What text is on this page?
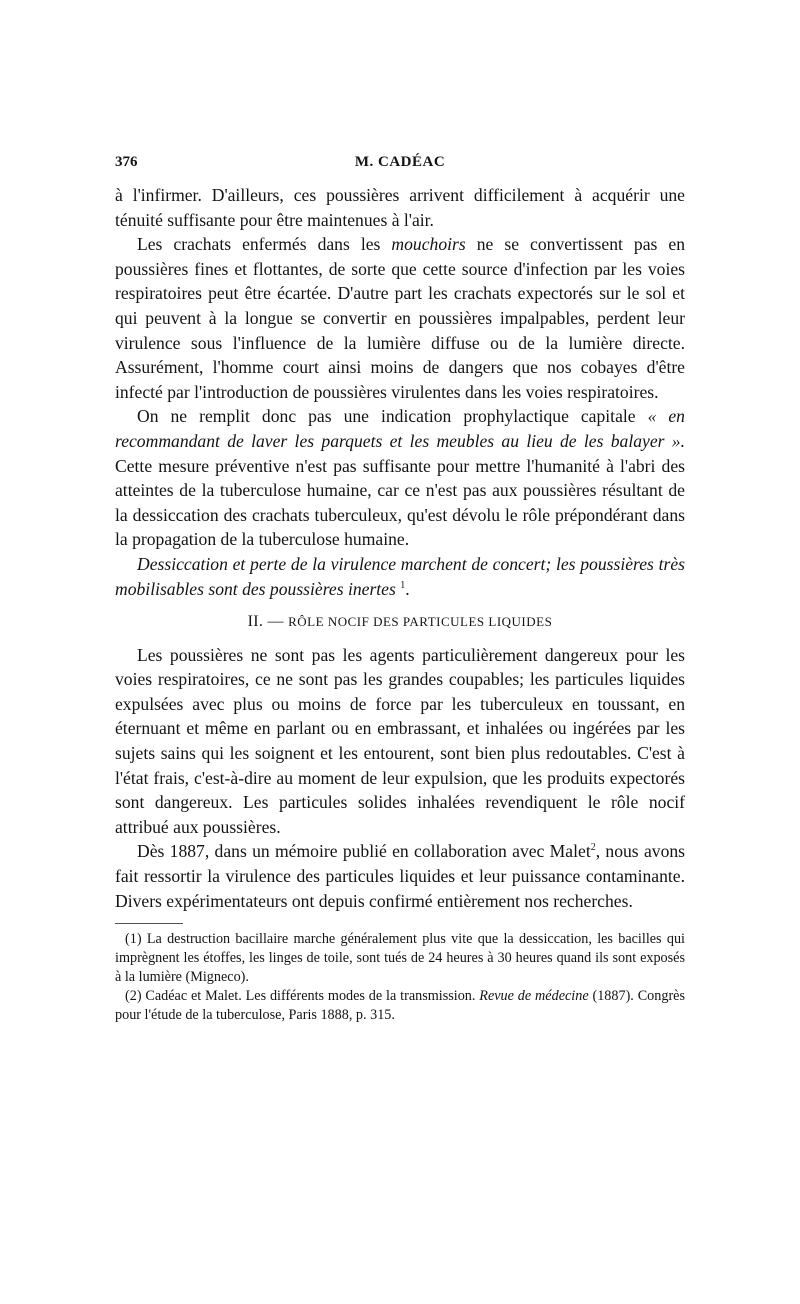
376	M. CADÉAC

à l'infirmer. D'ailleurs, ces poussières arrivent difficilement à acquérir une ténuité suffisante pour être maintenues à l'air.

Les crachats enfermés dans les mouchoirs ne se convertissent pas en poussières fines et flottantes, de sorte que cette source d'infection par les voies respiratoires peut être écartée. D'autre part les crachats expectorés sur le sol et qui peuvent à la longue se convertir en poussières impalpables, perdent leur virulence sous l'influence de la lumière diffuse ou de la lumière directe. Assurément, l'homme court ainsi moins de dangers que nos cobayes d'être infecté par l'introduction de poussières virulentes dans les voies respiratoires.

On ne remplit donc pas une indication prophylactique capitale « en recommandant de laver les parquets et les meubles au lieu de les balayer ». Cette mesure préventive n'est pas suffisante pour mettre l'humanité à l'abri des atteintes de la tuberculose humaine, car ce n'est pas aux poussières résultant de la dessiccation des crachats tuberculeux, qu'est dévolu le rôle prépondérant dans la propagation de la tuberculose humaine.

Dessiccation et perte de la virulence marchent de concert; les poussières très mobilisables sont des poussières inertes $^1$.

II. — RÔLE NOCIF DES PARTICULES LIQUIDES

Les poussières ne sont pas les agents particulièrement dangereux pour les voies respiratoires, ce ne sont pas les grandes coupables; les particules liquides expulsées avec plus ou moins de force par les tuberculeux en toussant, en éternuant et même en parlant ou en embrassant, et inhalées ou ingérées par les sujets sains qui les soignent et les entourent, sont bien plus redoutables. C'est à l'état frais, c'est-à-dire au moment de leur expulsion, que les produits expectorés sont dangereux. Les particules solides inhalées revendiquent le rôle nocif attribué aux poussières.

Dès 1887, dans un mémoire publié en collaboration avec Malet$^2$, nous avons fait ressortir la virulence des particules liquides et leur puissance contaminante. Divers expérimentateurs ont depuis confirmé entièrement nos recherches.

(1) La destruction bacillaire marche généralement plus vite que la dessiccation, les bacilles qui imprègnent les étoffes, les linges de toile, sont tués de 24 heures à 30 heures quand ils sont exposés à la lumière (Migneco).

(2) Cadéac et Malet. Les différents modes de la transmission. Revue de médecine (1887). Congrès pour l'étude de la tuberculose, Paris 1888, p. 315.
